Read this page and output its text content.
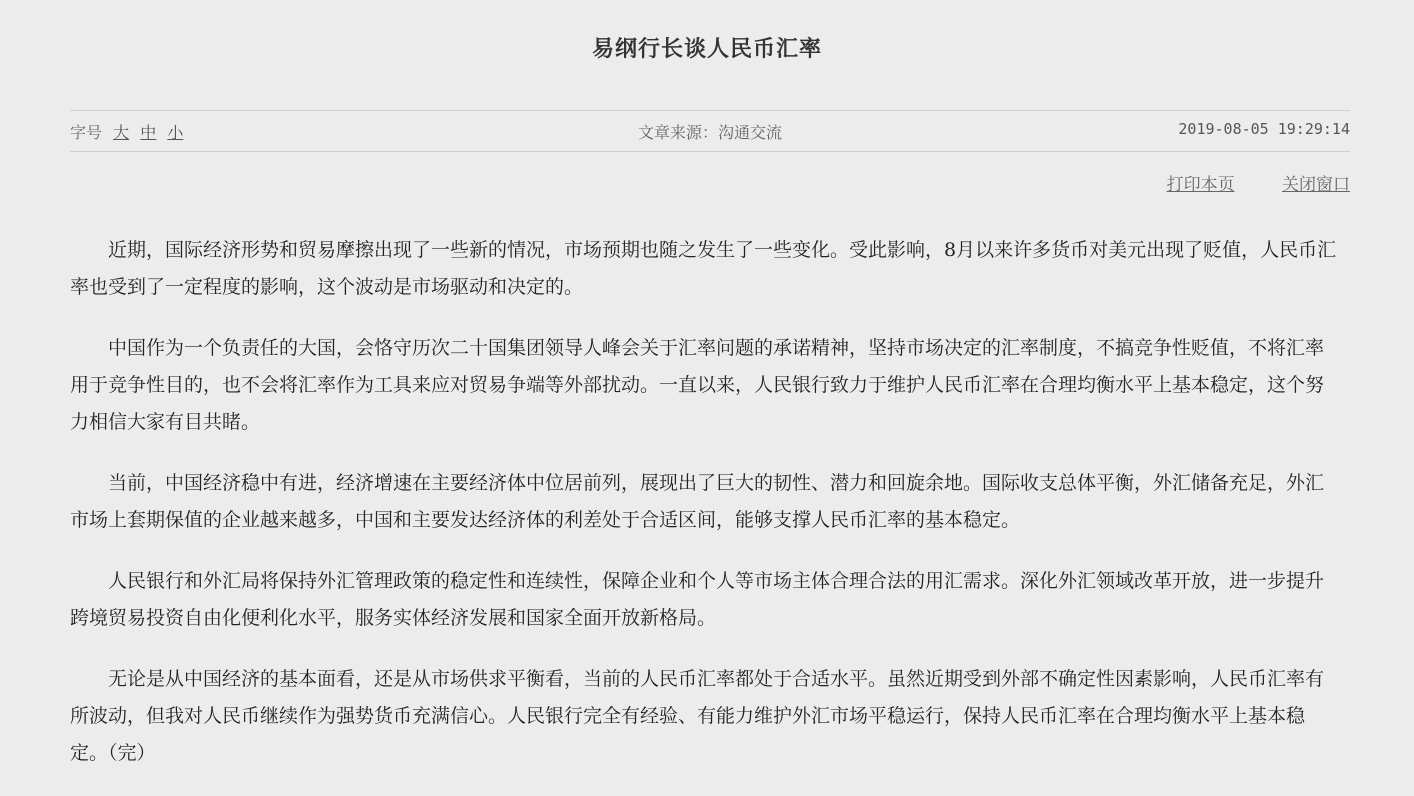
易纲行长谈人民币汇率
字号 大 中 小	文章来源：沟通交流	2019-08-05 19:29:14
打印本页	关闭窗口

近期，国际经济形势和贸易摩擦出现了一些新的情况，市场预期也随之发生了一些变化。受此影响，8月以来许多货币对美元出现了贬值，人民币汇率也受到了一定程度的影响，这个波动是市场驱动和决定的。

中国作为一个负责任的大国，会恪守历次二十国集团领导人峰会关于汇率问题的承诺精神，坚持市场决定的汇率制度，不搞竞争性贬值，不将汇率用于竞争性目的，也不会将汇率作为工具来应对贸易争端等外部扰动。一直以来，人民银行致力于维护人民币汇率在合理均衡水平上基本稳定，这个努力相信大家有目共睹。

当前，中国经济稳中有进，经济增速在主要经济体中位居前列，展现出了巨大的韧性、潜力和回旋余地。国际收支总体平衡，外汇储备充足，外汇市场上套期保值的企业越来越多，中国和主要发达经济体的利差处于合适区间，能够支撑人民币汇率的基本稳定。

人民银行和外汇局将保持外汇管理政策的稳定性和连续性，保障企业和个人等市场主体合理合法的用汇需求。深化外汇领域改革开放，进一步提升跨境贸易投资自由化便利化水平，服务实体经济发展和国家全面开放新格局。

无论是从中国经济的基本面看，还是从市场供求平衡看，当前的人民币汇率都处于合适水平。虽然近期受到外部不确定性因素影响，人民币汇率有所波动，但我对人民币继续作为强势货币充满信心。人民银行完全有经验、有能力维护外汇市场平稳运行，保持人民币汇率在合理均衡水平上基本稳定。（完）
